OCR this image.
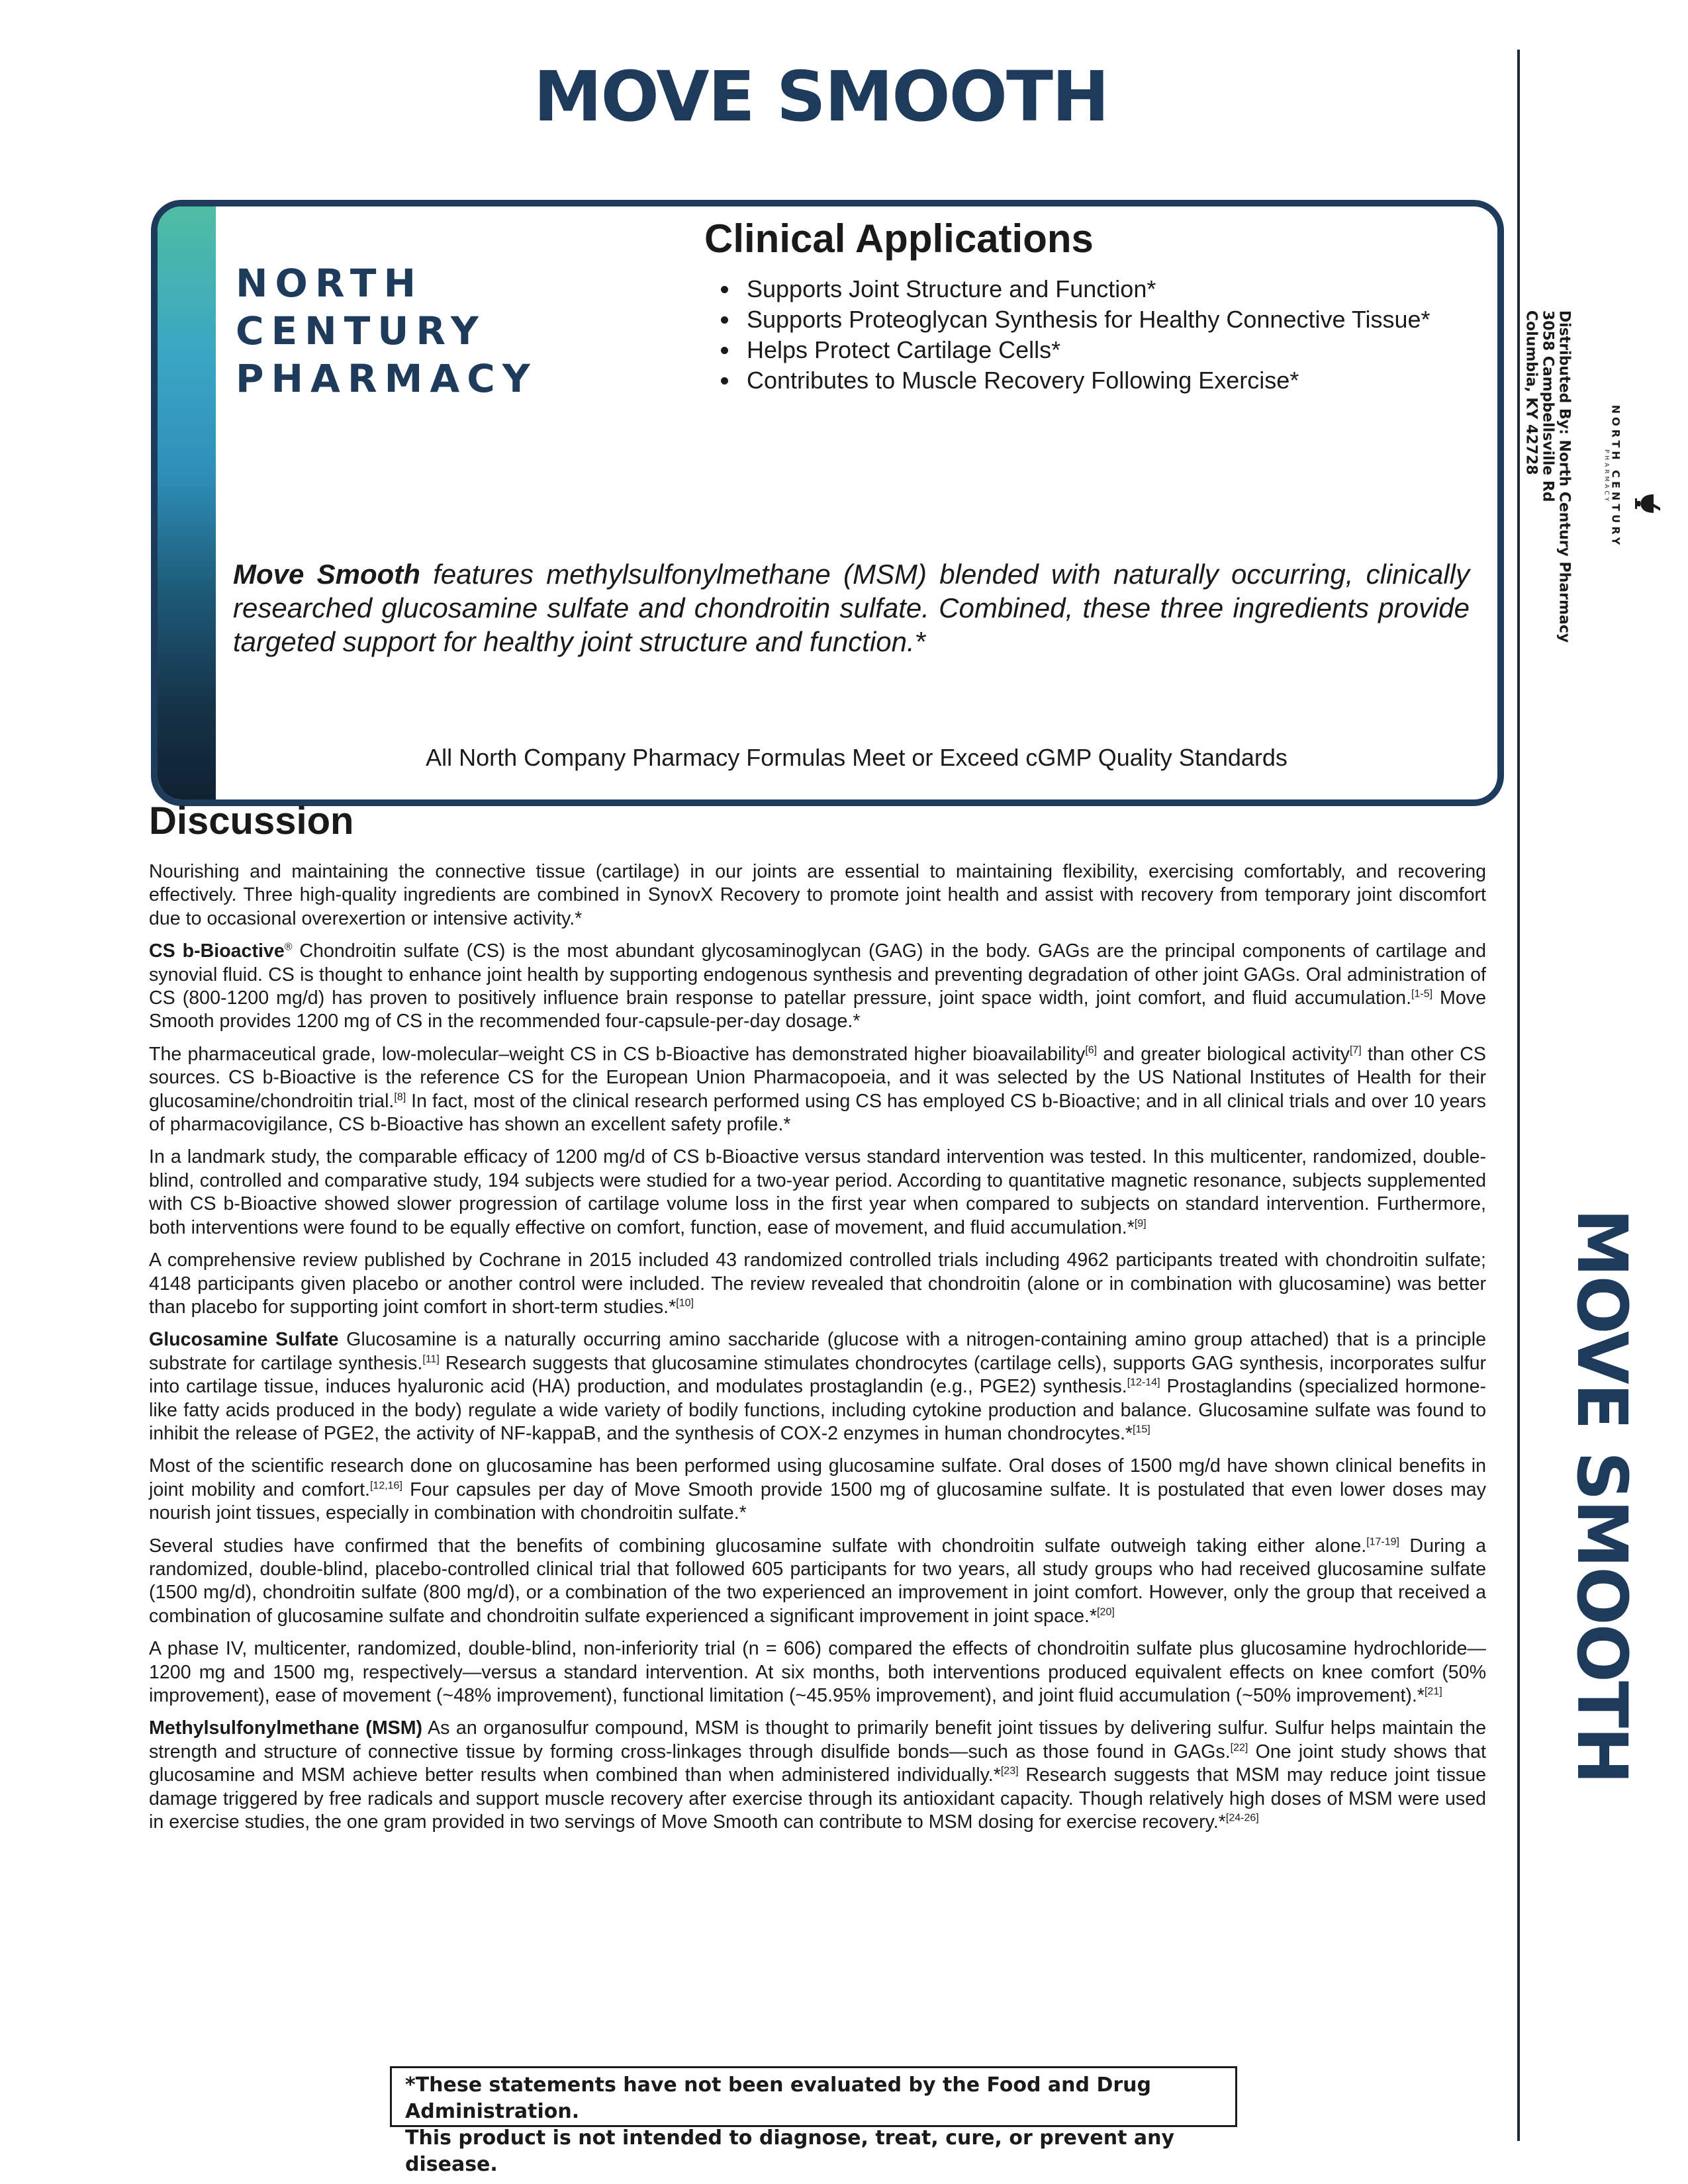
MOVE SMOOTH
NORTH
CENTURY
PHARMACY
Clinical Applications
• Supports Joint Structure and Function*
• Supports Proteoglycan Synthesis for Healthy Connective Tissue*
• Helps Protect Cartilage Cells*
• Contributes to Muscle Recovery Following Exercise*
Move Smooth features methylsulfonylmethane (MSM) blended with naturally occurring, clinically researched glucosamine sulfate and chondroitin sulfate. Combined, these three ingredients provide targeted support for healthy joint structure and function.*
All North Company Pharmacy Formulas Meet or Exceed cGMP Quality Standards
Discussion

Nourishing and maintaining the connective tissue (cartilage) in our joints are essential to maintaining flexibility, exercising comfortably, and recovering effectively. Three high-quality ingredients are combined in SynovX Recovery to promote joint health and assist with recovery from temporary joint discomfort due to occasional overexertion or intensive activity.*

CS b-Bioactive® Chondroitin sulfate (CS) is the most abundant glycosaminoglycan (GAG) in the body. GAGs are the principal components of cartilage and synovial fluid. CS is thought to enhance joint health by supporting endogenous synthesis and preventing degradation of other joint GAGs. Oral administration of CS (800-1200 mg/d) has proven to positively influence brain response to patellar pressure, joint space width, joint comfort, and fluid accumulation.[1-5] Move Smooth provides 1200 mg of CS in the recommended four-capsule-per-day dosage.*

The pharmaceutical grade, low-molecular–weight CS in CS b-Bioactive has demonstrated higher bioavailability[6] and greater biological activity[7] than other CS sources. CS b-Bioactive is the reference CS for the European Union Pharmacopoeia, and it was selected by the US National Institutes of Health for their glucosamine/chondroitin trial.[8] In fact, most of the clinical research performed using CS has employed CS b-Bioactive; and in all clinical trials and over 10 years of pharmacovigilance, CS b-Bioactive has shown an excellent safety profile.*

In a landmark study, the comparable efficacy of 1200 mg/d of CS b-Bioactive versus standard intervention was tested. In this multicenter, randomized, double-blind, controlled and comparative study, 194 subjects were studied for a two-year period. According to quantitative magnetic resonance, subjects supplemented with CS b-Bioactive showed slower progression of cartilage volume loss in the first year when compared to subjects on standard intervention. Furthermore, both interventions were found to be equally effective on comfort, function, ease of movement, and fluid accumulation.*[9]

A comprehensive review published by Cochrane in 2015 included 43 randomized controlled trials including 4962 participants treated with chondroitin sulfate; 4148 participants given placebo or another control were included. The review revealed that chondroitin (alone or in combination with glucosamine) was better than placebo for supporting joint comfort in short-term studies.*[10]

Glucosamine Sulfate Glucosamine is a naturally occurring amino saccharide (glucose with a nitrogen-containing amino group attached) that is a principle substrate for cartilage synthesis.[11] Research suggests that glucosamine stimulates chondrocytes (cartilage cells), supports GAG synthesis, incorporates sulfur into cartilage tissue, induces hyaluronic acid (HA) production, and modulates prostaglandin (e.g., PGE2) synthesis.[12-14] Prostaglandins (specialized hormone-like fatty acids produced in the body) regulate a wide variety of bodily functions, including cytokine production and balance. Glucosamine sulfate was found to inhibit the release of PGE2, the activity of NF-kappaB, and the synthesis of COX-2 enzymes in human chondrocytes.*[15]

Most of the scientific research done on glucosamine has been performed using glucosamine sulfate. Oral doses of 1500 mg/d have shown clinical benefits in joint mobility and comfort.[12,16] Four capsules per day of Move Smooth provide 1500 mg of glucosamine sulfate. It is postulated that even lower doses may nourish joint tissues, especially in combination with chondroitin sulfate.*

Several studies have confirmed that the benefits of combining glucosamine sulfate with chondroitin sulfate outweigh taking either alone.[17-19] During a randomized, double-blind, placebo-controlled clinical trial that followed 605 participants for two years, all study groups who had received glucosamine sulfate (1500 mg/d), chondroitin sulfate (800 mg/d), or a combination of the two experienced an improvement in joint comfort. However, only the group that received a combination of glucosamine sulfate and chondroitin sulfate experienced a significant improvement in joint space.*[20]

A phase IV, multicenter, randomized, double-blind, non-inferiority trial (n = 606) compared the effects of chondroitin sulfate plus glucosamine hydrochloride—1200 mg and 1500 mg, respectively—versus a standard intervention. At six months, both interventions produced equivalent effects on knee comfort (50% improvement), ease of movement (~48% improvement), functional limitation (~45.95% improvement), and joint fluid accumulation (~50% improvement).*[21]

Methylsulfonylmethane (MSM) As an organosulfur compound, MSM is thought to primarily benefit joint tissues by delivering sulfur. Sulfur helps maintain the strength and structure of connective tissue by forming cross-linkages through disulfide bonds—such as those found in GAGs.[22] One joint study shows that glucosamine and MSM achieve better results when combined than when administered individually.*[23] Research suggests that MSM may reduce joint tissue damage triggered by free radicals and support muscle recovery after exercise through its antioxidant capacity. Though relatively high doses of MSM were used in exercise studies, the one gram provided in two servings of Move Smooth can contribute to MSM dosing for exercise recovery.*[24-26]

*These statements have not been evaluated by the Food and Drug Administration.
This product is not intended to diagnose, treat, cure, or prevent any disease.
MOVE SMOOTH
Distributed By: North Century Pharmacy
3058 Campbellsville Rd
Columbia, KY 42728
NORTH CENTURY
PHARMACY
